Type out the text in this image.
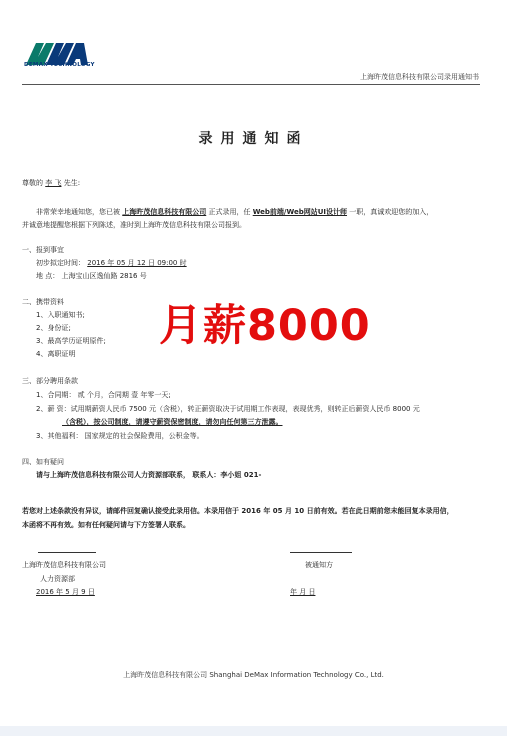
DEMAX TECHNOLOGY
上海旿茂信息科技有限公司录用通知书
录用通知函
尊敬的 李 飞 先生:
非常荣幸地通知您，您已被 上海旿茂信息科技有限公司 正式录用，任 Web前端/Web网站UI设计师 一职，真诚欢迎您的加入，
并诚意地提醒您根据下列陈述，准时到上海旿茂信息科技有限公司报到。
一、报到事宜
初步拟定时间： 2016 年 05 月 12 日 09:00 时
地 点： 上海宝山区逸仙路 2816 号
二、携带资料
1、入职通知书;
2、身份证;
3、最高学历证明原件;
4、离职证明
月薪8000
三、部分聘用条款
1、合同期： 贰 个月，合同期 壹 年零一天;
2、薪 资：试用期薪资人民币 7500 元（含税），转正薪资取决于试用期工作表现，表现优秀，则转正后薪资人民币 8000 元
（含税），按公司制度，请遵守薪资保密制度，请勿向任何第三方泄露。
3、其他福利： 国家规定的社会保险费用，公积金等。
四、如有疑问
请与上海旿茂信息科技有限公司人力资源部联系， 联系人：李小姐 021-
若您对上述条款没有异议，请邮件回复确认接受此录用信。本录用信于 2016 年 05 月 10 日前有效。若在此日期前您未能回复本录用信，
本函将不再有效。如有任何疑问请与下方签署人联系。
上海旿茂信息科技有限公司	被通知方
人力资源部
2016 年 5 月 9 日	年 月 日
上海旿茂信息科技有限公司 Shanghai DeMax Information Technology Co., Ltd.
